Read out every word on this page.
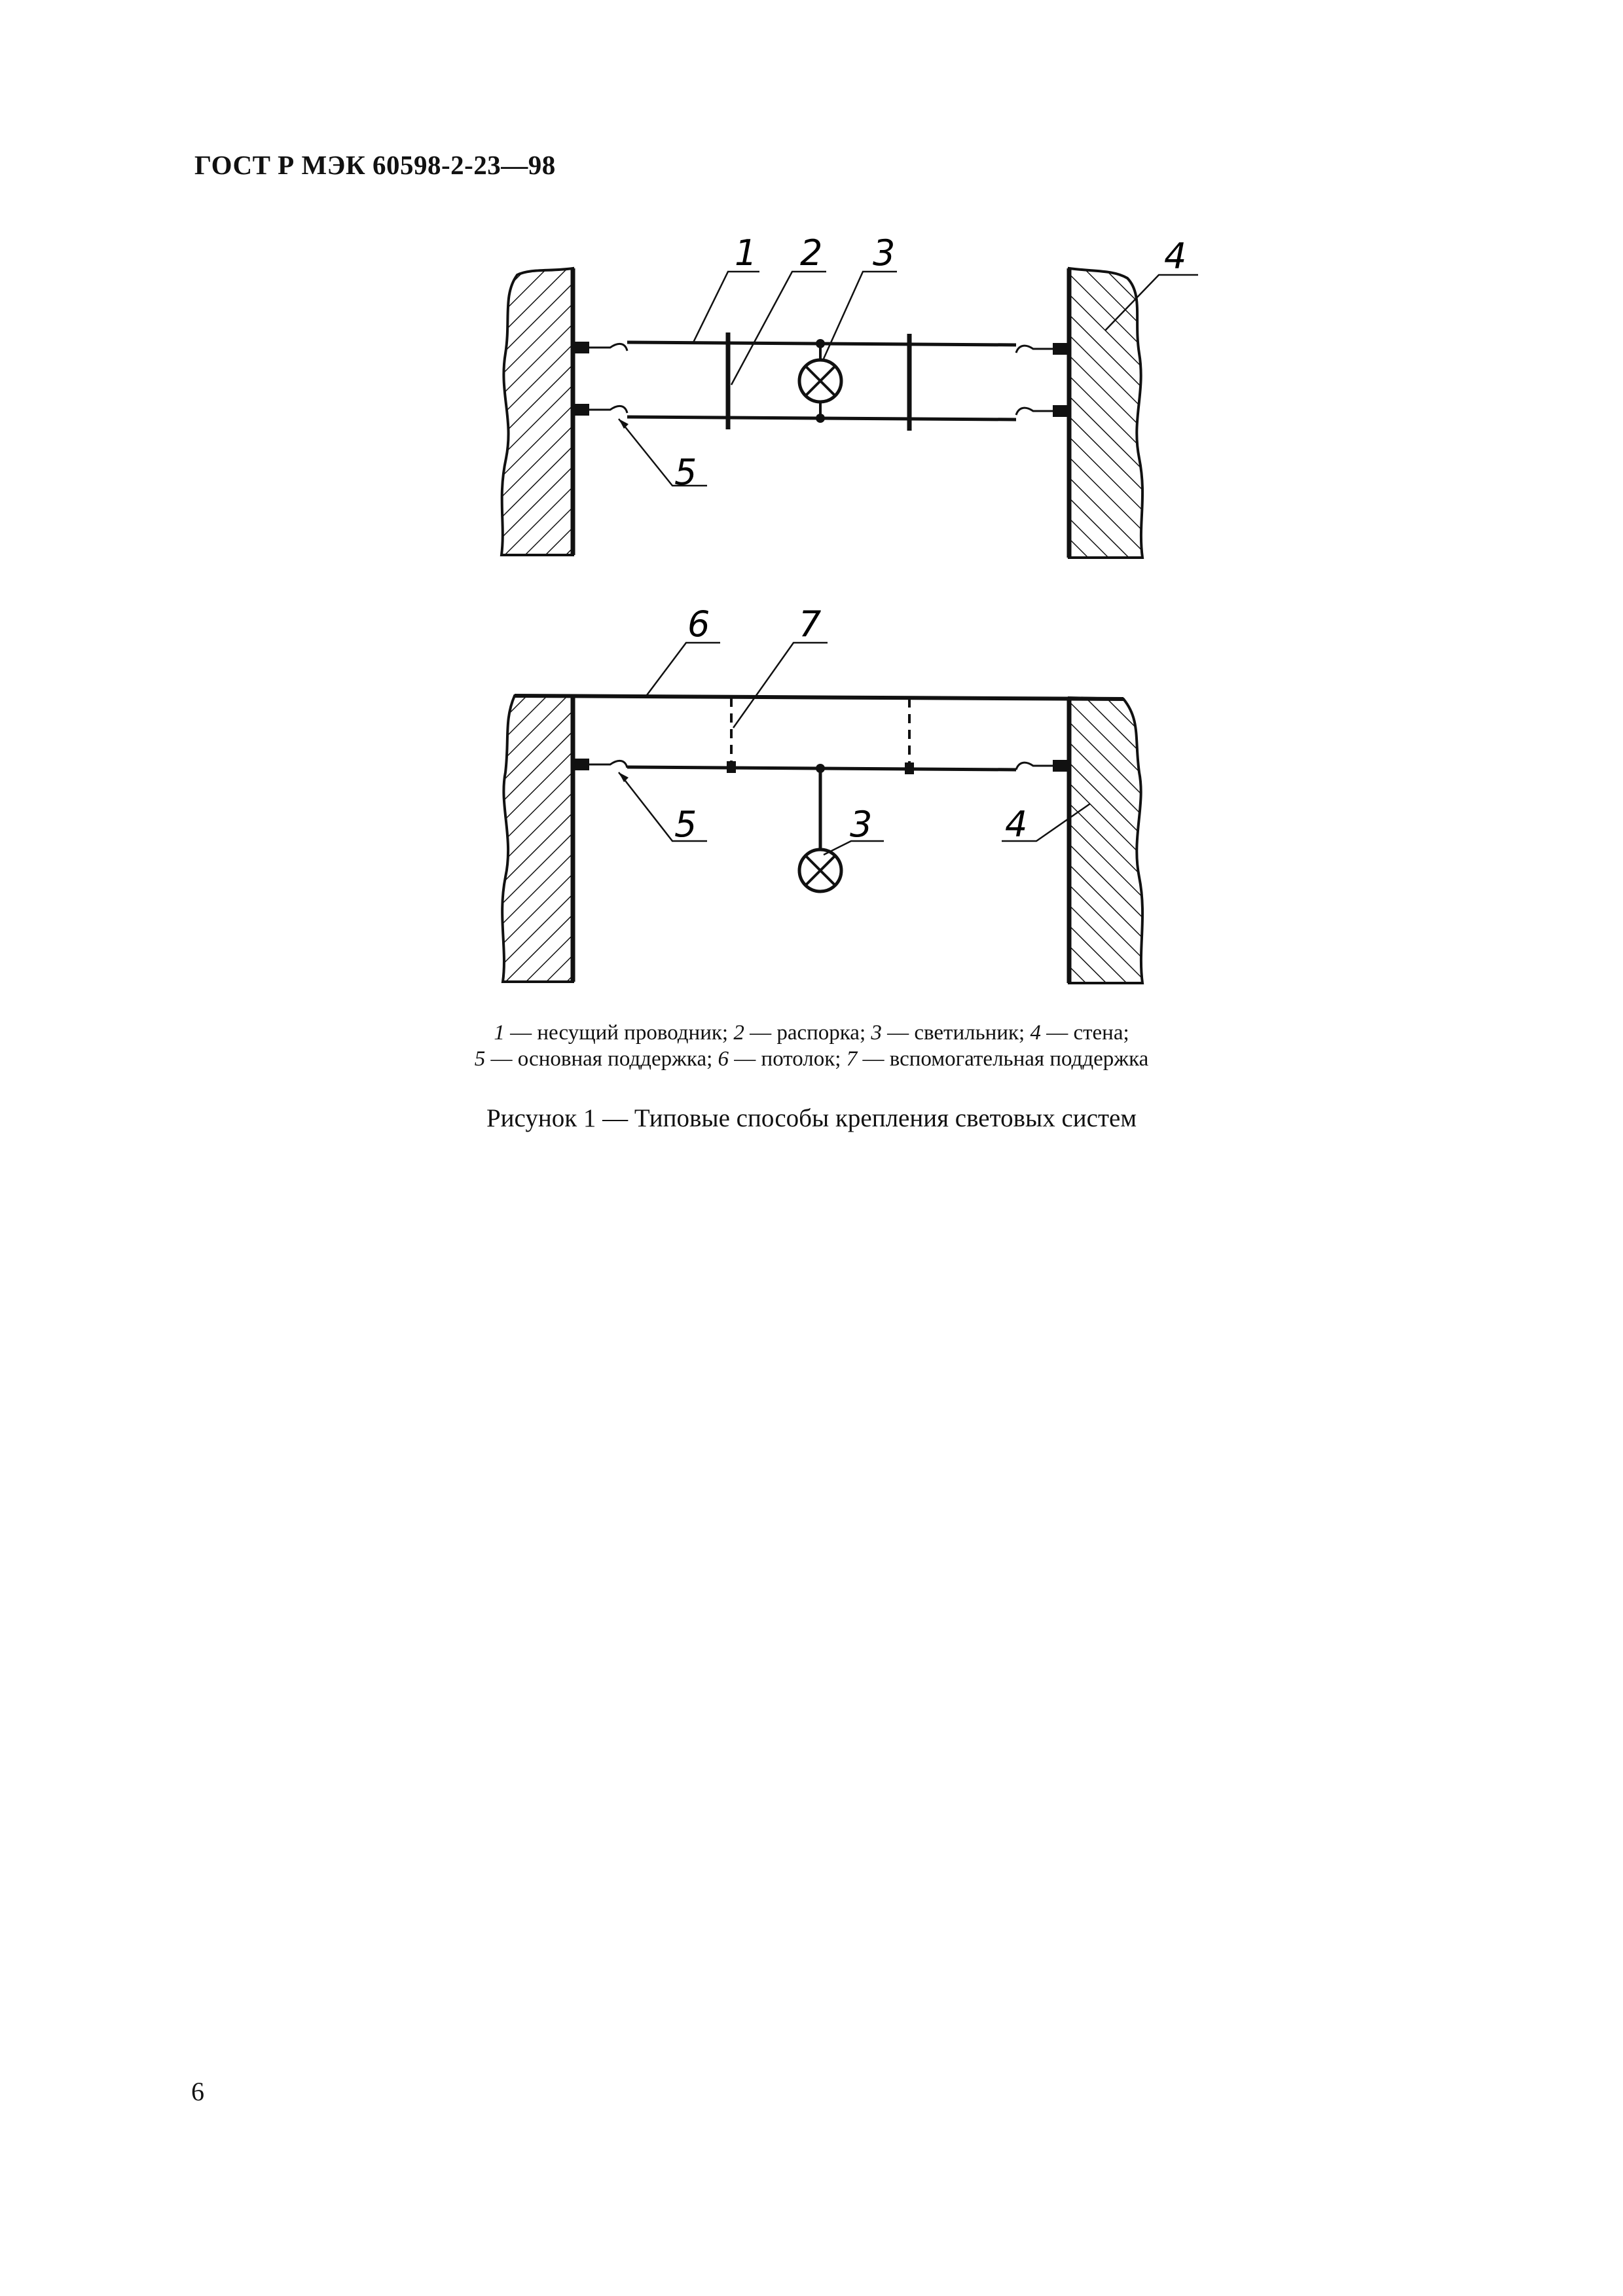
ГОСТ Р МЭК 60598-2-23—98
1 2 3	4
5
6	7
5	3	4
1 — несущий проводник; 2 — распорка; 3 — светильник; 4 — стена;
5 — основная поддержка; 6 — потолок; 7 — вспомогательная поддержка
Рисунок 1 — Типовые способы крепления световых систем
6
